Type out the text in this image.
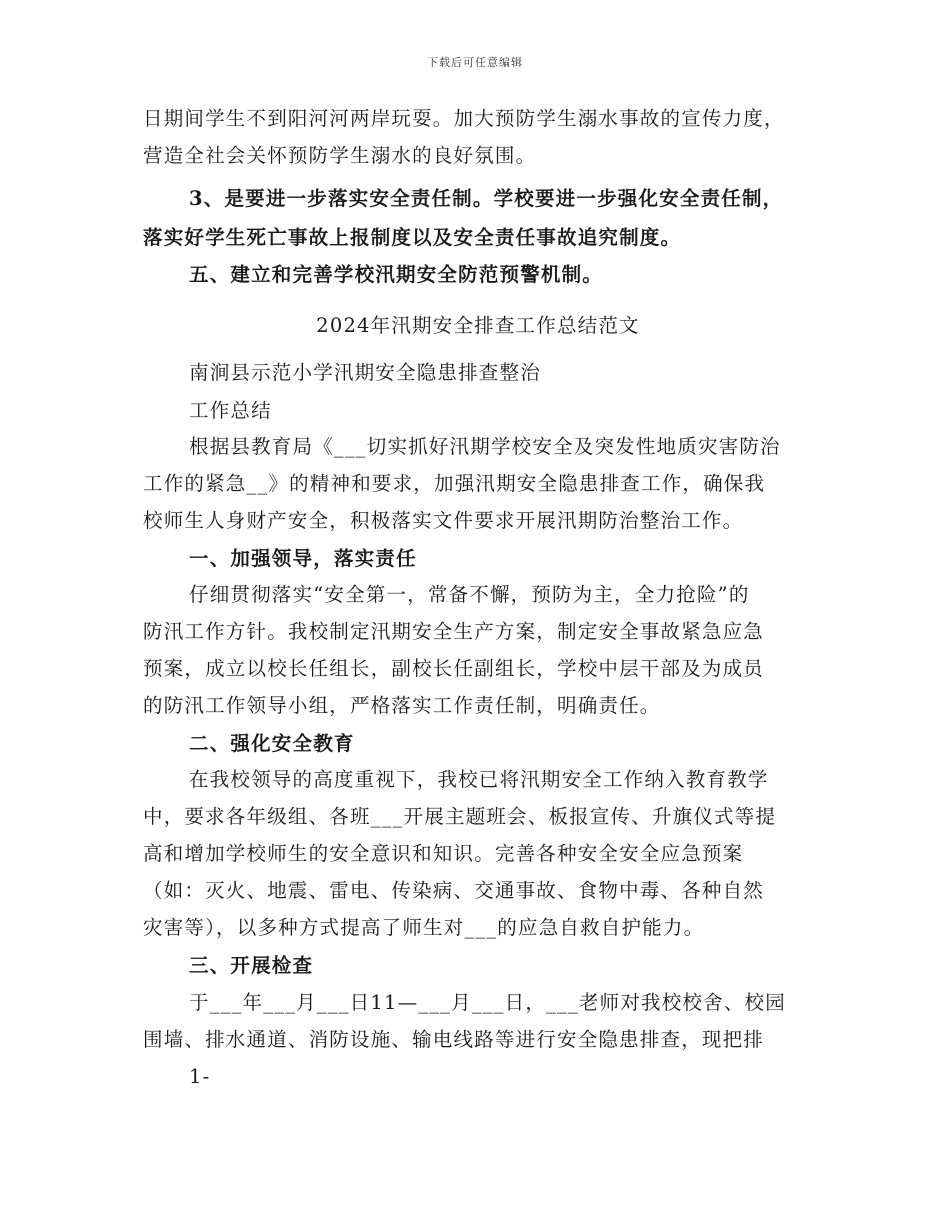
下载后可任意编辑
日期间学生不到阳河河两岸玩耍。加大预防学生溺水事故的宣传力度，
营造全社会关怀预防学生溺水的良好氛围。
3、是要进一步落实安全责任制。学校要进一步强化安全责任制，
落实好学生死亡事故上报制度以及安全责任事故追究制度。
五、建立和完善学校汛期安全防范预警机制。
2024年汛期安全排查工作总结范文
南涧县示范小学汛期安全隐患排查整治
工作总结
根据县教育局《___切实抓好汛期学校安全及突发性地质灾害防治
工作的紧急__》的精神和要求，加强汛期安全隐患排查工作，确保我
校师生人身财产安全，积极落实文件要求开展汛期防治整治工作。
一、加强领导，落实责任
仔细贯彻落实“安全第一，常备不懈，预防为主，全力抢险”的
防汛工作方针。我校制定汛期安全生产方案，制定安全事故紧急应急
预案，成立以校长任组长，副校长任副组长，学校中层干部及为成员
的防汛工作领导小组，严格落实工作责任制，明确责任。
二、强化安全教育
在我校领导的高度重视下，我校已将汛期安全工作纳入教育教学
中，要求各年级组、各班___开展主题班会、板报宣传、升旗仪式等提
高和增加学校师生的安全意识和知识。完善各种安全安全应急预案
（如：灭火、地震、雷电、传染病、交通事故、食物中毒、各种自然
灾害等），以多种方式提高了师生对___的应急自救自护能力。
三、开展检查
于___年___月___日11—___月___日，___老师对我校校舍、校园
围墙、排水通道、消防设施、输电线路等进行安全隐患排查，现把排
1-
